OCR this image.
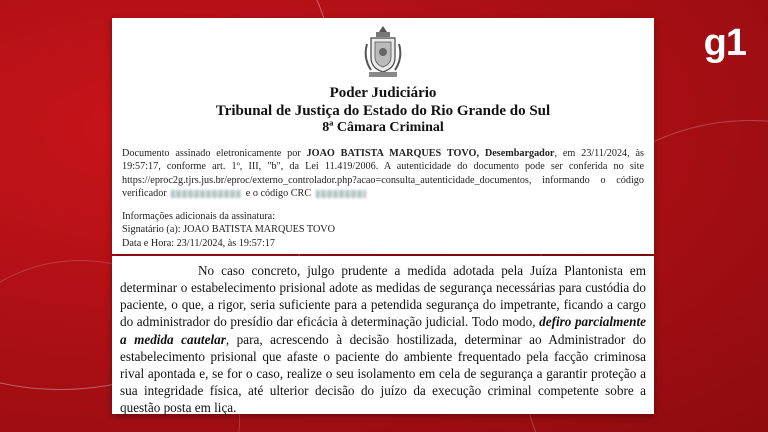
g1
Poder Judiciário
Tribunal de Justiça do Estado do Rio Grande do Sul
8ª Câmara Criminal
Documento assinado eletronicamente por JOAO BATISTA MARQUES TOVO, Desembargador, em 23/11/2024, às 19:57:17, conforme art. 1º, III, "b", da Lei 11.419/2006. A autenticidade do documento pode ser conferida no site https://eproc2g.tjrs.jus.br/eproc/externo_controlador.php?acao=consulta_autenticidade_documentos, informando o código verificador	e o código CRC
Informações adicionais da assinatura:
Signatário (a): JOAO BATISTA MARQUES TOVO
Data e Hora: 23/11/2024, às 19:57:17

No caso concreto, julgo prudente a medida adotada pela Juíza Plantonista em determinar o estabelecimento prisional adote as medidas de segurança necessárias para custódia do paciente, o que, a rigor, seria suficiente para a petendida segurança do impetrante, ficando a cargo do administrador do presídio dar eficácia à determinação judicial. Todo modo, defiro parcialmente a medida cautelar, para, acrescendo à decisão hostilizada, determinar ao Administrador do estabelecimento prisional que afaste o paciente do ambiente frequentado pela facção criminosa rival apontada e, se for o caso, realize o seu isolamento em cela de segurança a garantir proteção a sua integridade física, até ulterior decisão do juízo da execução criminal competente sobre a questão posta em liça.
